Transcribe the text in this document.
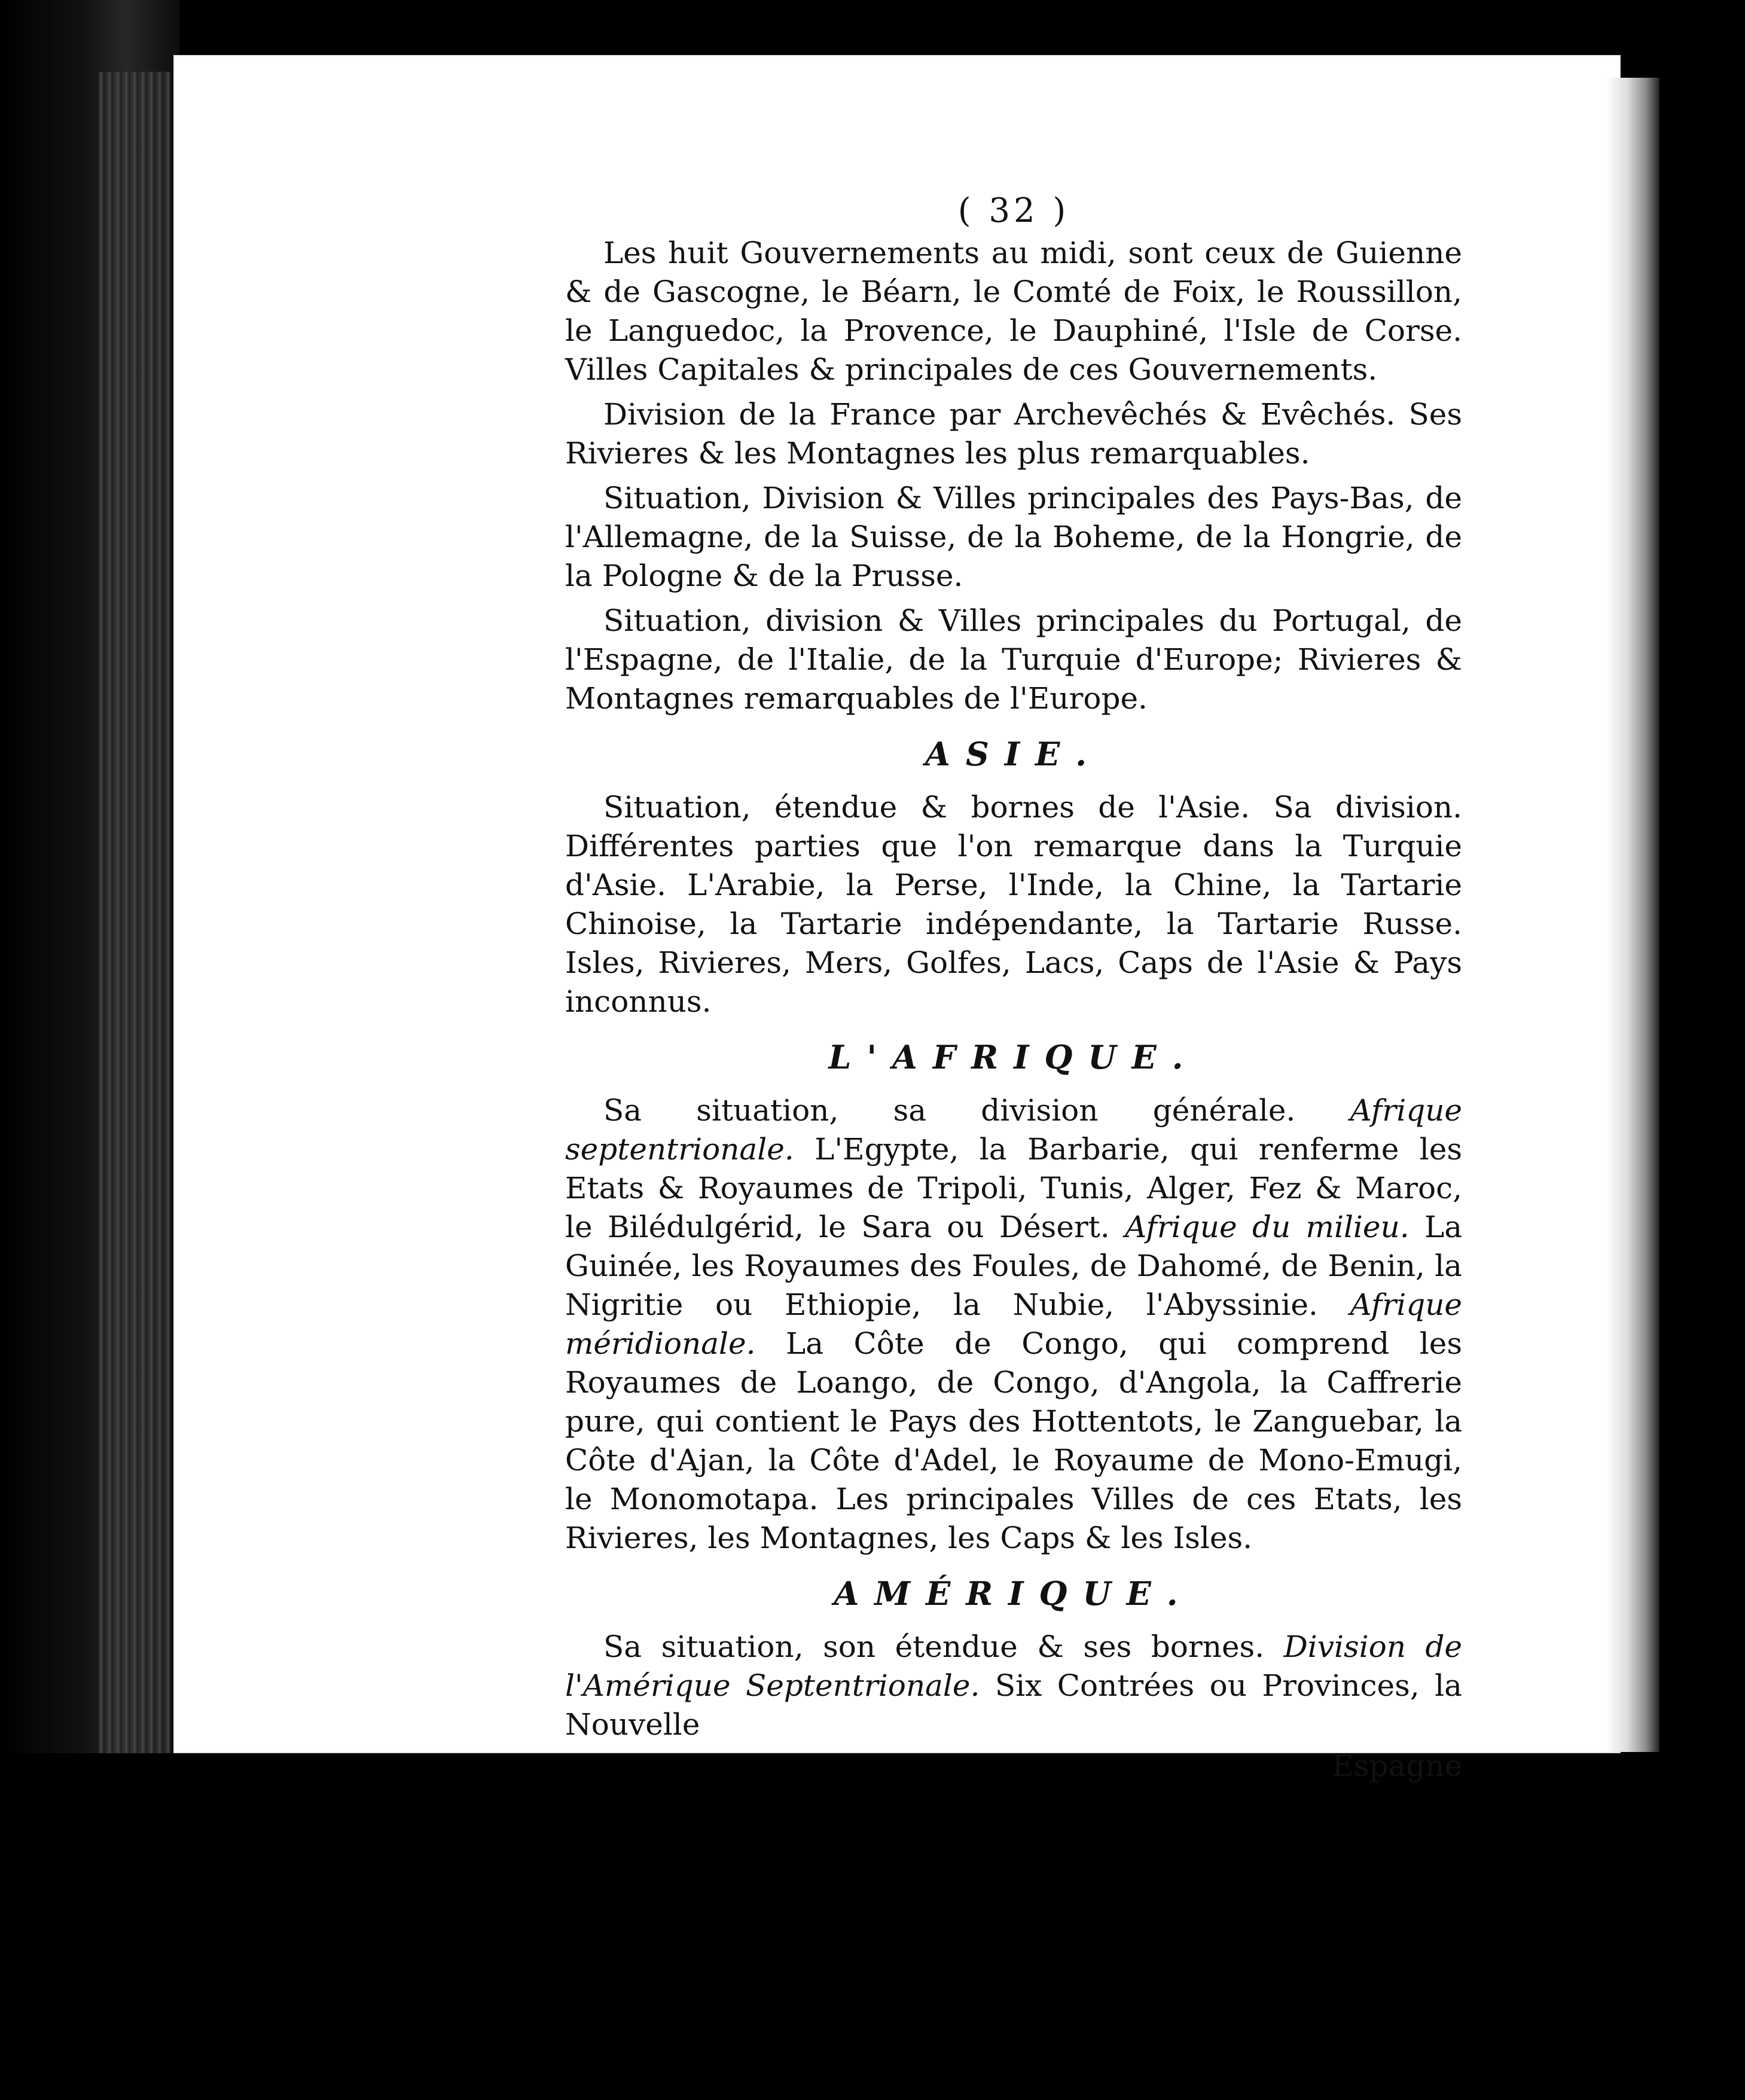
( 32 )

Les huit Gouvernements au midi, sont ceux de Guienne & de Gascogne, le Béarn, le Comté de Foix, le Roussillon, le Languedoc, la Provence, le Dauphiné, l'Isle de Corse. Villes Capitales & principales de ces Gouvernements.

Division de la France par Archevêchés & Evêchés. Ses Rivieres & les Montagnes les plus remarquables.

Situation, Division & Villes principales des Pays-Bas, de l'Allemagne, de la Suisse, de la Boheme, de la Hongrie, de la Pologne & de la Prusse.

Situation, division & Villes principales du Portugal, de l'Espagne, de l'Italie, de la Turquie d'Europe; Rivieres & Montagnes remarquables de l'Europe.

ASIE.

Situation, étendue & bornes de l'Asie. Sa division. Différentes parties que l'on remarque dans la Turquie d'Asie. L'Arabie, la Perse, l'Inde, la Chine, la Tartarie Chinoise, la Tartarie indépendante, la Tartarie Russe. Isles, Rivieres, Mers, Golfes, Lacs, Caps de l'Asie & Pays inconnus.

L'AFRIQUE.

Sa situation, sa division générale. Afrique septentrionale. L'Egypte, la Barbarie, qui renferme les Etats & Royaumes de Tripoli, Tunis, Alger, Fez & Maroc, le Bilédulgérid, le Sara ou Désert. Afrique du milieu. La Guinée, les Royaumes des Foules, de Dahomé, de Benin, la Nigritie ou Ethiopie, la Nubie, l'Abyssinie. Afrique méridionale. La Côte de Congo, qui comprend les Royaumes de Loango, de Congo, d'Angola, la Caffrerie pure, qui contient le Pays des Hottentots, le Zanguebar, la Côte d'Ajan, la Côte d'Adel, le Royaume de Mono-Emugi, le Monomotapa. Les principales Villes de ces Etats, les Rivieres, les Montagnes, les Caps & les Isles.

AMÉRIQUE.

Sa situation, son étendue & ses bornes. Division de l'Amérique Septentrionale. Six Contrées ou Provinces, la Nouvelle

Espagne
